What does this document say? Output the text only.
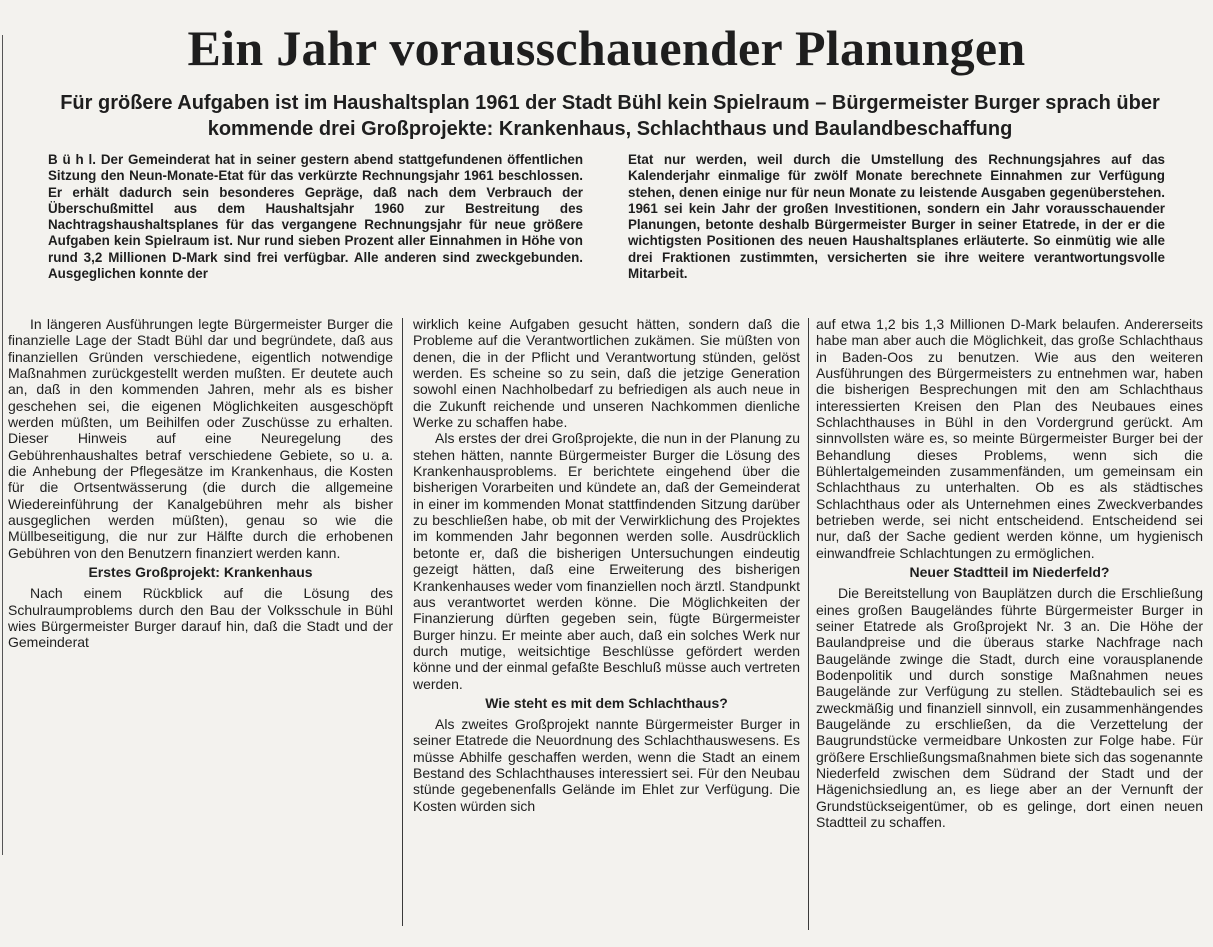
Ein Jahr vorausschauender Planungen
Für größere Aufgaben ist im Haushaltsplan 1961 der Stadt Bühl kein Spielraum – Bürgermeister Burger sprach über kommende drei Großprojekte: Krankenhaus, Schlachthaus und Baulandbeschaffung

B ü h l. Der Gemeinderat hat in seiner gestern abend stattgefundenen öffentlichen Sitzung den Neun-Monate-Etat für das verkürzte Rechnungsjahr 1961 beschlossen. Er erhält dadurch sein besonderes Gepräge, daß nach dem Verbrauch der Überschußmittel aus dem Haushaltsjahr 1960 zur Bestreitung des Nachtragshaushaltsplanes für das vergangene Rechnungsjahr für neue größere Aufgaben kein Spielraum ist. Nur rund sieben Prozent aller Einnahmen in Höhe von rund 3,2 Millionen D-Mark sind frei verfügbar. Alle anderen sind zweckgebunden. Ausgeglichen konnte der

Etat nur werden, weil durch die Umstellung des Rechnungsjahres auf das Kalenderjahr einmalige für zwölf Monate berechnete Einnahmen zur Verfügung stehen, denen einige nur für neun Monate zu leistende Ausgaben gegenüberstehen. 1961 sei kein Jahr der großen Investitionen, sondern ein Jahr vorausschauender Planungen, betonte deshalb Bürgermeister Burger in seiner Etatrede, in der er die wichtigsten Positionen des neuen Haushaltsplanes erläuterte. So einmütig wie alle drei Fraktionen zustimmten, versicherten sie ihre weitere verantwortungsvolle Mitarbeit.

In längeren Ausführungen legte Bürgermeister Burger die finanzielle Lage der Stadt Bühl dar und begründete, daß aus finanziellen Gründen verschiedene, eigentlich notwendige Maßnahmen zurückgestellt werden mußten. Er deutete auch an, daß in den kommenden Jahren, mehr als es bisher geschehen sei, die eigenen Möglichkeiten ausgeschöpft werden müßten, um Beihilfen oder Zuschüsse zu erhalten. Dieser Hinweis auf eine Neuregelung des Gebührenhaushaltes betraf verschiedene Gebiete, so u. a. die Anhebung der Pflegesätze im Krankenhaus, die Kosten für die Ortsentwässerung (die durch die allgemeine Wiedereinführung der Kanalgebühren mehr als bisher ausgeglichen werden müßten), genau so wie die Müllbeseitigung, die nur zur Hälfte durch die erhobenen Gebühren von den Benutzern finanziert werden kann.

Erstes Großprojekt: Krankenhaus

Nach einem Rückblick auf die Lösung des Schulraumproblems durch den Bau der Volksschule in Bühl wies Bürgermeister Burger darauf hin, daß die Stadt und der Gemeinderat

wirklich keine Aufgaben gesucht hätten, sondern daß die Probleme auf die Verantwortlichen zukämen. Sie müßten von denen, die in der Pflicht und Verantwortung stünden, gelöst werden. Es scheine so zu sein, daß die jetzige Generation sowohl einen Nachholbedarf zu befriedigen als auch neue in die Zukunft reichende und unseren Nachkommen dienliche Werke zu schaffen habe.

Als erstes der drei Großprojekte, die nun in der Planung zu stehen hätten, nannte Bürgermeister Burger die Lösung des Krankenhausproblems. Er berichtete eingehend über die bisherigen Vorarbeiten und kündete an, daß der Gemeinderat in einer im kommenden Monat stattfindenden Sitzung darüber zu beschließen habe, ob mit der Verwirklichung des Projektes im kommenden Jahr begonnen werden solle. Ausdrücklich betonte er, daß die bisherigen Untersuchungen eindeutig gezeigt hätten, daß eine Erweiterung des bisherigen Krankenhauses weder vom finanziellen noch ärztl. Standpunkt aus verantwortet werden könne. Die Möglichkeiten der Finanzierung dürften gegeben sein, fügte Bürgermeister Burger hinzu. Er meinte aber auch, daß ein solches Werk nur durch mutige, weitsichtige Beschlüsse gefördert werden könne und der einmal gefaßte Beschluß müsse auch vertreten werden.

Wie steht es mit dem Schlachthaus?

Als zweites Großprojekt nannte Bürgermeister Burger in seiner Etatrede die Neuordnung des Schlachthauswesens. Es müsse Abhilfe geschaffen werden, wenn die Stadt an einem Bestand des Schlachthauses interessiert sei. Für den Neubau stünde gegebenenfalls Gelände im Ehlet zur Verfügung. Die Kosten würden sich

auf etwa 1,2 bis 1,3 Millionen D-Mark belaufen. Andererseits habe man aber auch die Möglichkeit, das große Schlachthaus in Baden-Oos zu benutzen. Wie aus den weiteren Ausführungen des Bürgermeisters zu entnehmen war, haben die bisherigen Besprechungen mit den am Schlachthaus interessierten Kreisen den Plan des Neubaues eines Schlachthauses in Bühl in den Vordergrund gerückt. Am sinnvollsten wäre es, so meinte Bürgermeister Burger bei der Behandlung dieses Problems, wenn sich die Bühlertalgemeinden zusammenfänden, um gemeinsam ein Schlachthaus zu unterhalten. Ob es als städtisches Schlachthaus oder als Unternehmen eines Zweckverbandes betrieben werde, sei nicht entscheidend. Entscheidend sei nur, daß der Sache gedient werden könne, um hygienisch einwandfreie Schlachtungen zu ermöglichen.

Neuer Stadtteil im Niederfeld?

Die Bereitstellung von Bauplätzen durch die Erschließung eines großen Baugeländes führte Bürgermeister Burger in seiner Etatrede als Großprojekt Nr. 3 an. Die Höhe der Baulandpreise und die überaus starke Nachfrage nach Baugelände zwinge die Stadt, durch eine vorausplanende Bodenpolitik und durch sonstige Maßnahmen neues Baugelände zur Verfügung zu stellen. Städtebaulich sei es zweckmäßig und finanziell sinnvoll, ein zusammenhängendes Baugelände zu erschließen, da die Verzettelung der Baugrundstücke vermeidbare Unkosten zur Folge habe. Für größere Erschließungsmaßnahmen biete sich das sogenannte Niederfeld zwischen dem Südrand der Stadt und der Hägenichsiedlung an, es liege aber an der Vernunft der Grundstückseigentümer, ob es gelinge, dort einen neuen Stadtteil zu schaffen.
